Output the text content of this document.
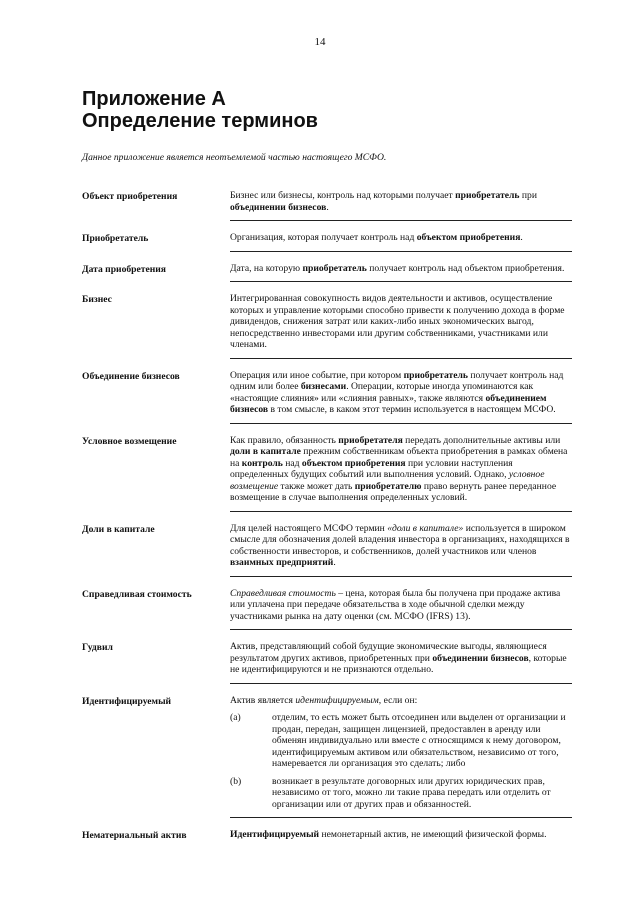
14
Приложение А
Определение терминов
Данное приложение является неотъемлемой частью настоящего МСФО.
Объект приобретения	Бизнес или бизнесы, контроль над которыми получает приобретатель при объединении бизнесов.
Приобретатель	Организация, которая получает контроль над объектом приобретения.
Дата приобретения	Дата, на которую приобретатель получает контроль над объектом приобретения.
Бизнес	Интегрированная совокупность видов деятельности и активов, осуществление которых и управление которыми способно привести к получению дохода в форме дивидендов, снижения затрат или каких-либо иных экономических выгод, непосредственно инвесторами или другим собственниками, участниками или членами.
Объединение бизнесов	Операция или иное событие, при котором приобретатель получает контроль над одним или более бизнесами. Операции, которые иногда упоминаются как «настоящие слияния» или «слияния равных», также являются объединением бизнесов в том смысле, в каком этот термин используется в настоящем МСФО.
Условное возмещение	Как правило, обязанность приобретателя передать дополнительные активы или доли в капитале прежним собственникам объекта приобретения в рамках обмена на контроль над объектом приобретения при условии наступления определенных будущих событий или выполнения условий. Однако, условное возмещение также может дать приобретателю право вернуть ранее переданное возмещение в случае выполнения определенных условий.
Доли в капитале	Для целей настоящего МСФО термин «доли в капитале» используется в широком смысле для обозначения долей владения инвестора в организациях, находящихся в собственности инвесторов, и собственников, долей участников или членов взаимных предприятий.
Справедливая стоимость	Справедливая стоимость – цена, которая была бы получена при продаже актива или уплачена при передаче обязательства в ходе обычной сделки между участниками рынка на дату оценки (см. МСФО (IFRS) 13).
Гудвил	Актив, представляющий собой будущие экономические выгоды, являющиеся результатом других активов, приобретенных при объединении бизнесов, которые не идентифицируются и не признаются отдельно.
Идентифицируемый	Актив является идентифицируемым, если он:
(a)	отделим, то есть может быть отсоединен или выделен от организации и продан, передан, защищен лицензией, предоставлен в аренду или обменян индивидуально или вместе с относящимся к нему договором, идентифицируемым активом или обязательством, независимо от того, намеревается ли организация это сделать; либо
(b)	возникает в результате договорных или других юридических прав, независимо от того, можно ли такие права передать или отделить от организации или от других прав и обязанностей.
Нематериальный актив	Идентифицируемый немонетарный актив, не имеющий физической формы.
